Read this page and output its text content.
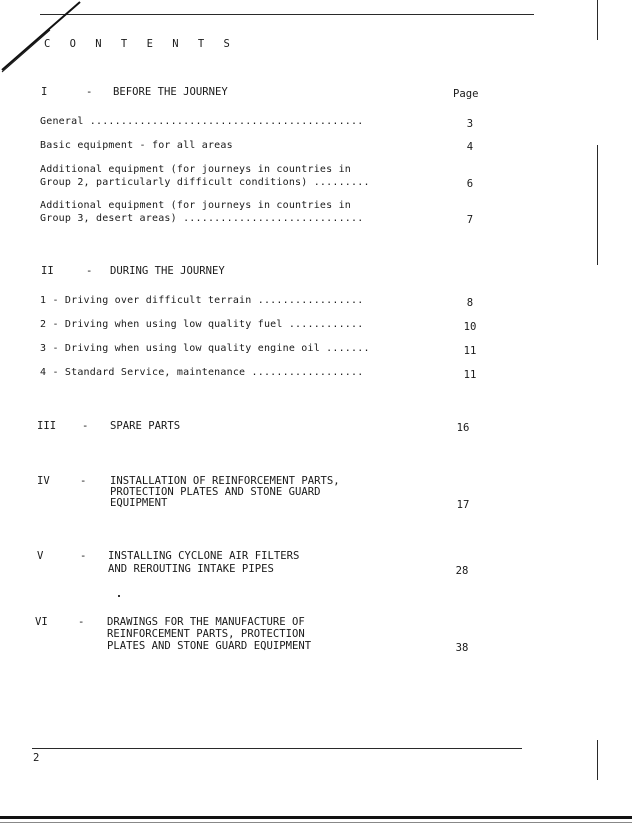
C O N T E N T S
I	- BEFORE THE JOURNEY	Page
General ............................................	3
Basic equipment - for all areas	4
Additional equipment (for journeys in countries in
Group 2, particularly difficult conditions) .........	6
Additional equipment (for journeys in countries in
Group 3, desert areas) .............................	7
II	- DURING THE JOURNEY
1 - Driving over difficult terrain .................	8
2 - Driving when using low quality fuel ............	10
3 - Driving when using low quality engine oil .......	11
4 - Standard Service, maintenance ..................	11
III - SPARE PARTS	16
IV	- INSTALLATION OF REINFORCEMENT PARTS,
PROTECTION PLATES AND STONE GUARD
EQUIPMENT	17
V	- INSTALLING CYCLONE AIR FILTERS
AND REROUTING INTAKE PIPES	28
VI	- DRAWINGS FOR THE MANUFACTURE OF
REINFORCEMENT PARTS, PROTECTION
PLATES AND STONE GUARD EQUIPMENT	38
2
